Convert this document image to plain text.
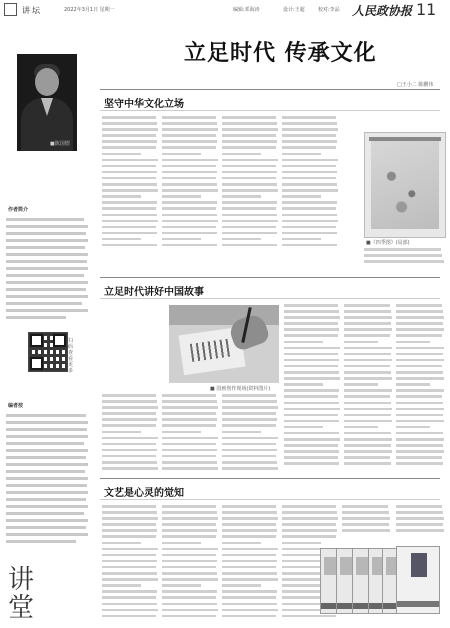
讲坛	2022年3月1日 星期一	编辑:邓海涛	设计:王超	校对:李品 人民政协报 11
■陈国熠
作者简介
扫码查看更多
编者按
讲
堂
立足时代 传承文化
□王小二 陈鹏伟
坚守中华文化立场
■《四季图》(局部)
立足时代讲好中国故事
■ 国画创作现场(资料图片)
文艺是心灵的觉知
